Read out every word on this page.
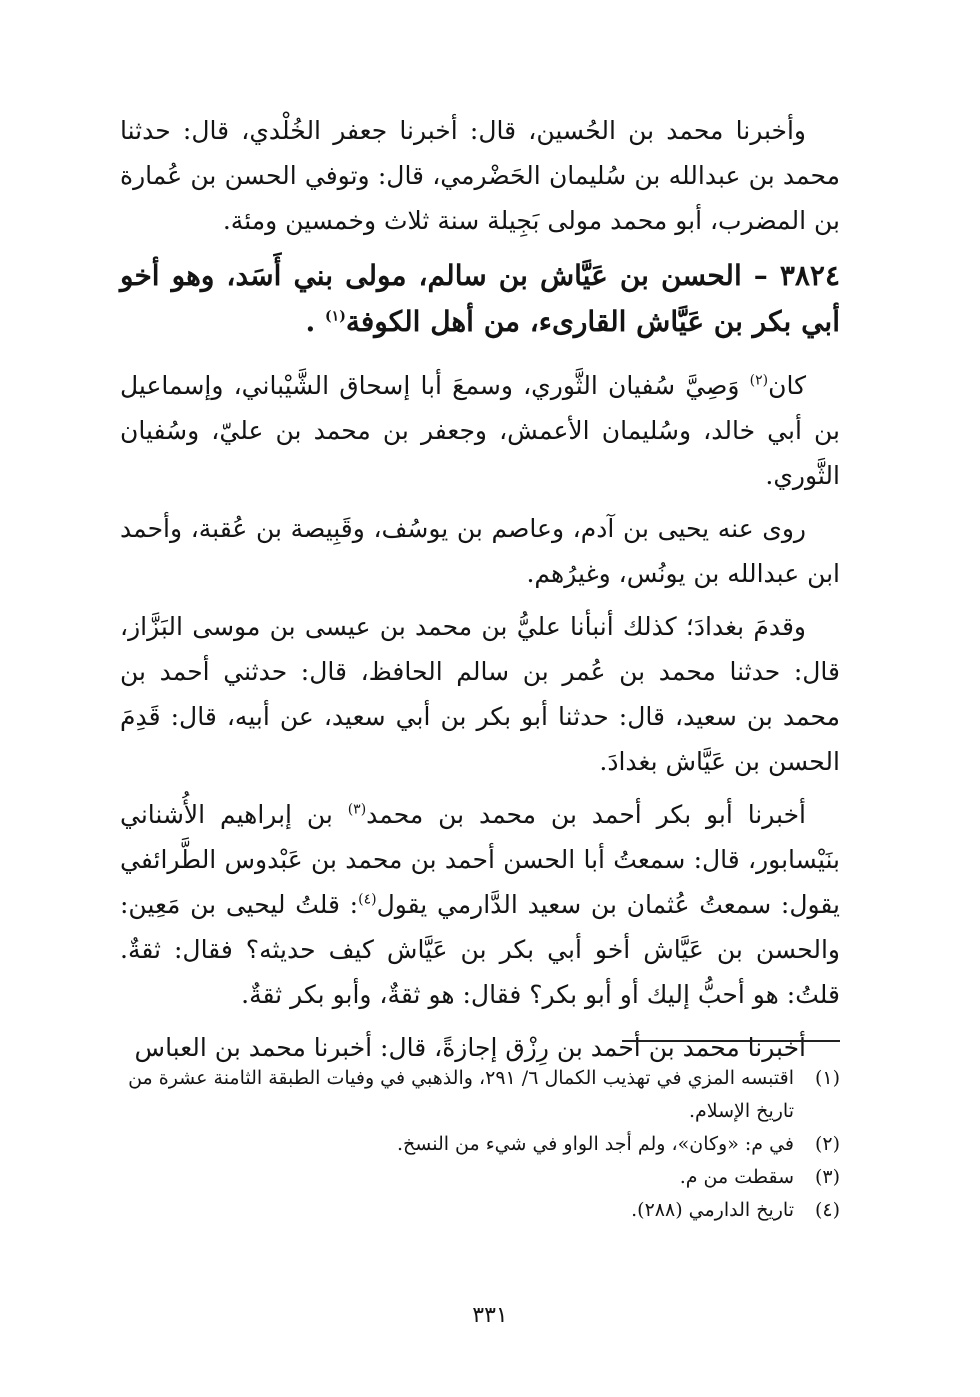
وأخبرنا محمد بن الحُسين، قال: أخبرنا جعفر الخُلْدي، قال: حدثنا محمد بن عبدالله بن سُليمان الحَضْرمي، قال: وتوفي الحسن بن عُمارة بن المضرب، أبو محمد مولى بَجِيلة سنة ثلاث وخمسين ومئة.

٣٨٢٤ – الحسن بن عَيَّاش بن سالم، مولى بني أَسَد، وهو أخو أبي بكر بن عَيَّاش القارىء، من أهل الكوفة$^{(١)}$ .

كان$^{(٢)}$ وَصِيَّ سُفيان الثَّوري، وسمعَ أبا إسحاق الشَّيْباني، وإسماعيل بن أبي خالد، وسُليمان الأعمش، وجعفر بن محمد بن عليّ، وسُفيان الثَّوري.

روى عنه يحيى بن آدم، وعاصم بن يوسُف، وقَبِيصة بن عُقبة، وأحمد ابن عبدالله بن يونُس، وغيرُهم.

وقدمَ بغدادَ؛ كذلك أنبأنا عليُّ بن محمد بن عيسى بن موسى البَزَّاز، قال: حدثنا محمد بن عُمر بن سالم الحافظ، قال: حدثني أحمد بن محمد بن سعيد، قال: حدثنا أبو بكر بن أبي سعيد، عن أبيه، قال: قَدِمَ الحسن بن عَيَّاش بغدادَ.

أخبرنا أبو بكر أحمد بن محمد بن محمد$^{(٣)}$ بن إبراهيم الأُشناني بنَيْسابور، قال: سمعتُ أبا الحسن أحمد بن محمد بن عَبْدوس الطَّرائفي يقول: سمعتُ عُثمان بن سعيد الدَّارمي يقول$^{(٤)}$: قلتُ ليحيى بن مَعِين: والحسن بن عَيَّاش أخو أبي بكر بن عَيَّاش كيف حديثه؟ فقال: ثقةٌ. قلتُ: هو أحبُّ إليك أو أبو بكر؟ فقال: هو ثقةٌ، وأبو بكر ثقةٌ.

أخبرنا محمد بن أحمد بن رِزْق إجازةً، قال: أخبرنا محمد بن العباس

(١)
اقتبسه المزي في تهذيب الكمال ٦/ ٢٩١، والذهبي في وفيات الطبقة الثامنة عشرة من تاريخ الإسلام.
(٢)
في م: «وكان»، ولم أجد الواو في شيء من النسخ.
(٣)
سقطت من م.
(٤)
تاريخ الدارمي (٢٨٨).
٣٣١
